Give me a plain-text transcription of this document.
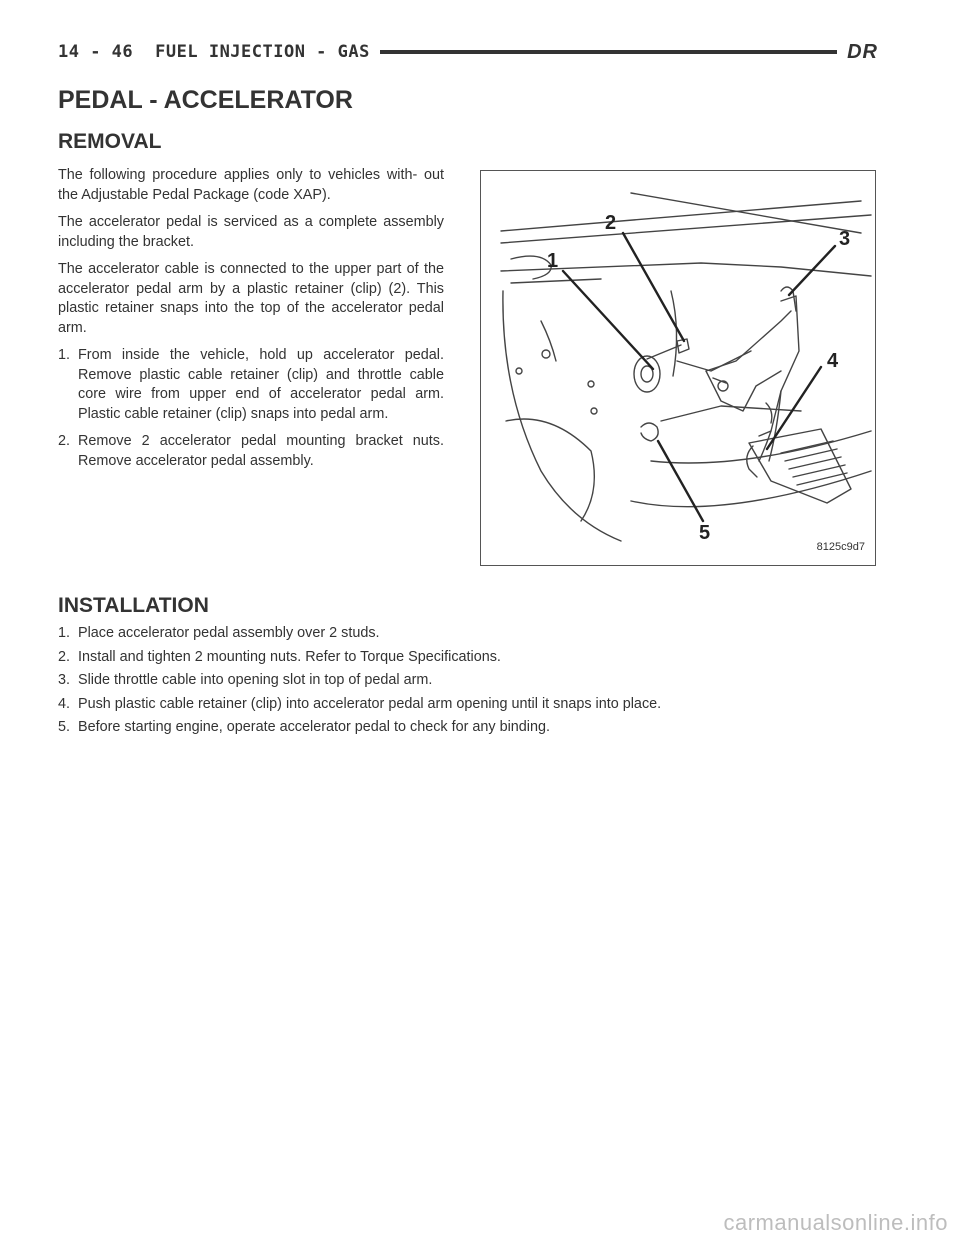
14 - 46 FUEL INJECTION - GAS	DR
PEDAL - ACCELERATOR
REMOVAL

The following procedure applies only to vehicles with- out the Adjustable Pedal Package (code XAP).

The accelerator pedal is serviced as a complete assembly including the bracket.

The accelerator cable is connected to the upper part of the accelerator pedal arm by a plastic retainer (clip) (2). This plastic retainer snaps into the top of the accelerator pedal arm.

1. From inside the vehicle, hold up accelerator pedal. Remove plastic cable retainer (clip) and throttle cable core wire from upper end of accelerator pedal arm. Plastic cable retainer (clip) snaps into pedal arm.
2. Remove 2 accelerator pedal mounting bracket nuts. Remove accelerator pedal assembly.
1
2
3
4
5
8125c9d7
INSTALLATION
1. Place accelerator pedal assembly over 2 studs.
2. Install and tighten 2 mounting nuts. Refer to Torque Specifications.
3. Slide throttle cable into opening slot in top of pedal arm.
4. Push plastic cable retainer (clip) into accelerator pedal arm opening until it snaps into place.
5. Before starting engine, operate accelerator pedal to check for any binding.
carmanualsonline.info
